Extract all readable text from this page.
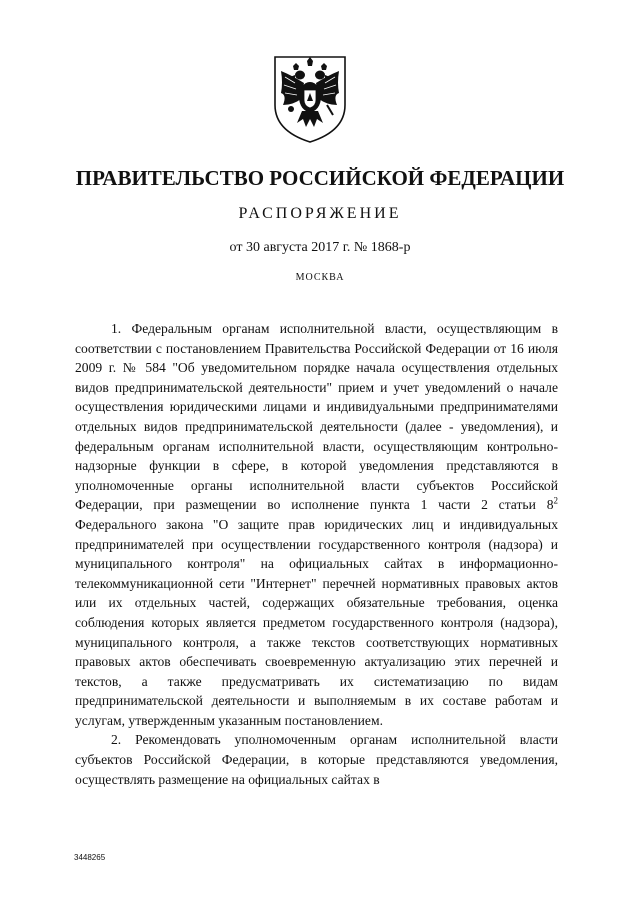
ПРАВИТЕЛЬСТВО РОССИЙСКОЙ ФЕДЕРАЦИИ
РАСПОРЯЖЕНИЕ
от 30 августа 2017 г. № 1868-р
МОСКВА

1. Федеральным органам исполнительной власти, осуществляющим в соответствии с постановлением Правительства Российской Федерации от 16 июля 2009 г. № 584 "Об уведомительном порядке начала осуществления отдельных видов предпринимательской деятельности" прием и учет уведомлений о начале осуществления юридическими лицами и индивидуальными предпринимателями отдельных видов предпринимательской деятельности (далее - уведомления), и федеральным органам исполнительной власти, осуществляющим контрольно-надзорные функции в сфере, в которой уведомления представляются в уполномоченные органы исполнительной власти субъектов Российской Федерации, при размещении во исполнение пункта 1 части 2 статьи $8^2$ Федерального закона "О защите прав юридических лиц и индивидуальных предпринимателей при осуществлении государственного контроля (надзора) и муниципального контроля" на официальных сайтах в информационно-телекоммуникационной сети "Интернет" перечней нормативных правовых актов или их отдельных частей, содержащих обязательные требования, оценка соблюдения которых является предметом государственного контроля (надзора), муниципального контроля, а также текстов соответствующих нормативных правовых актов обеспечивать своевременную актуализацию этих перечней и текстов, а также предусматривать их систематизацию по видам предпринимательской деятельности и выполняемым в их составе работам и услугам, утвержденным указанным постановлением.

2. Рекомендовать уполномоченным органам исполнительной власти субъектов Российской Федерации, в которые представляются уведомления, осуществлять размещение на официальных сайтах в

3448265
